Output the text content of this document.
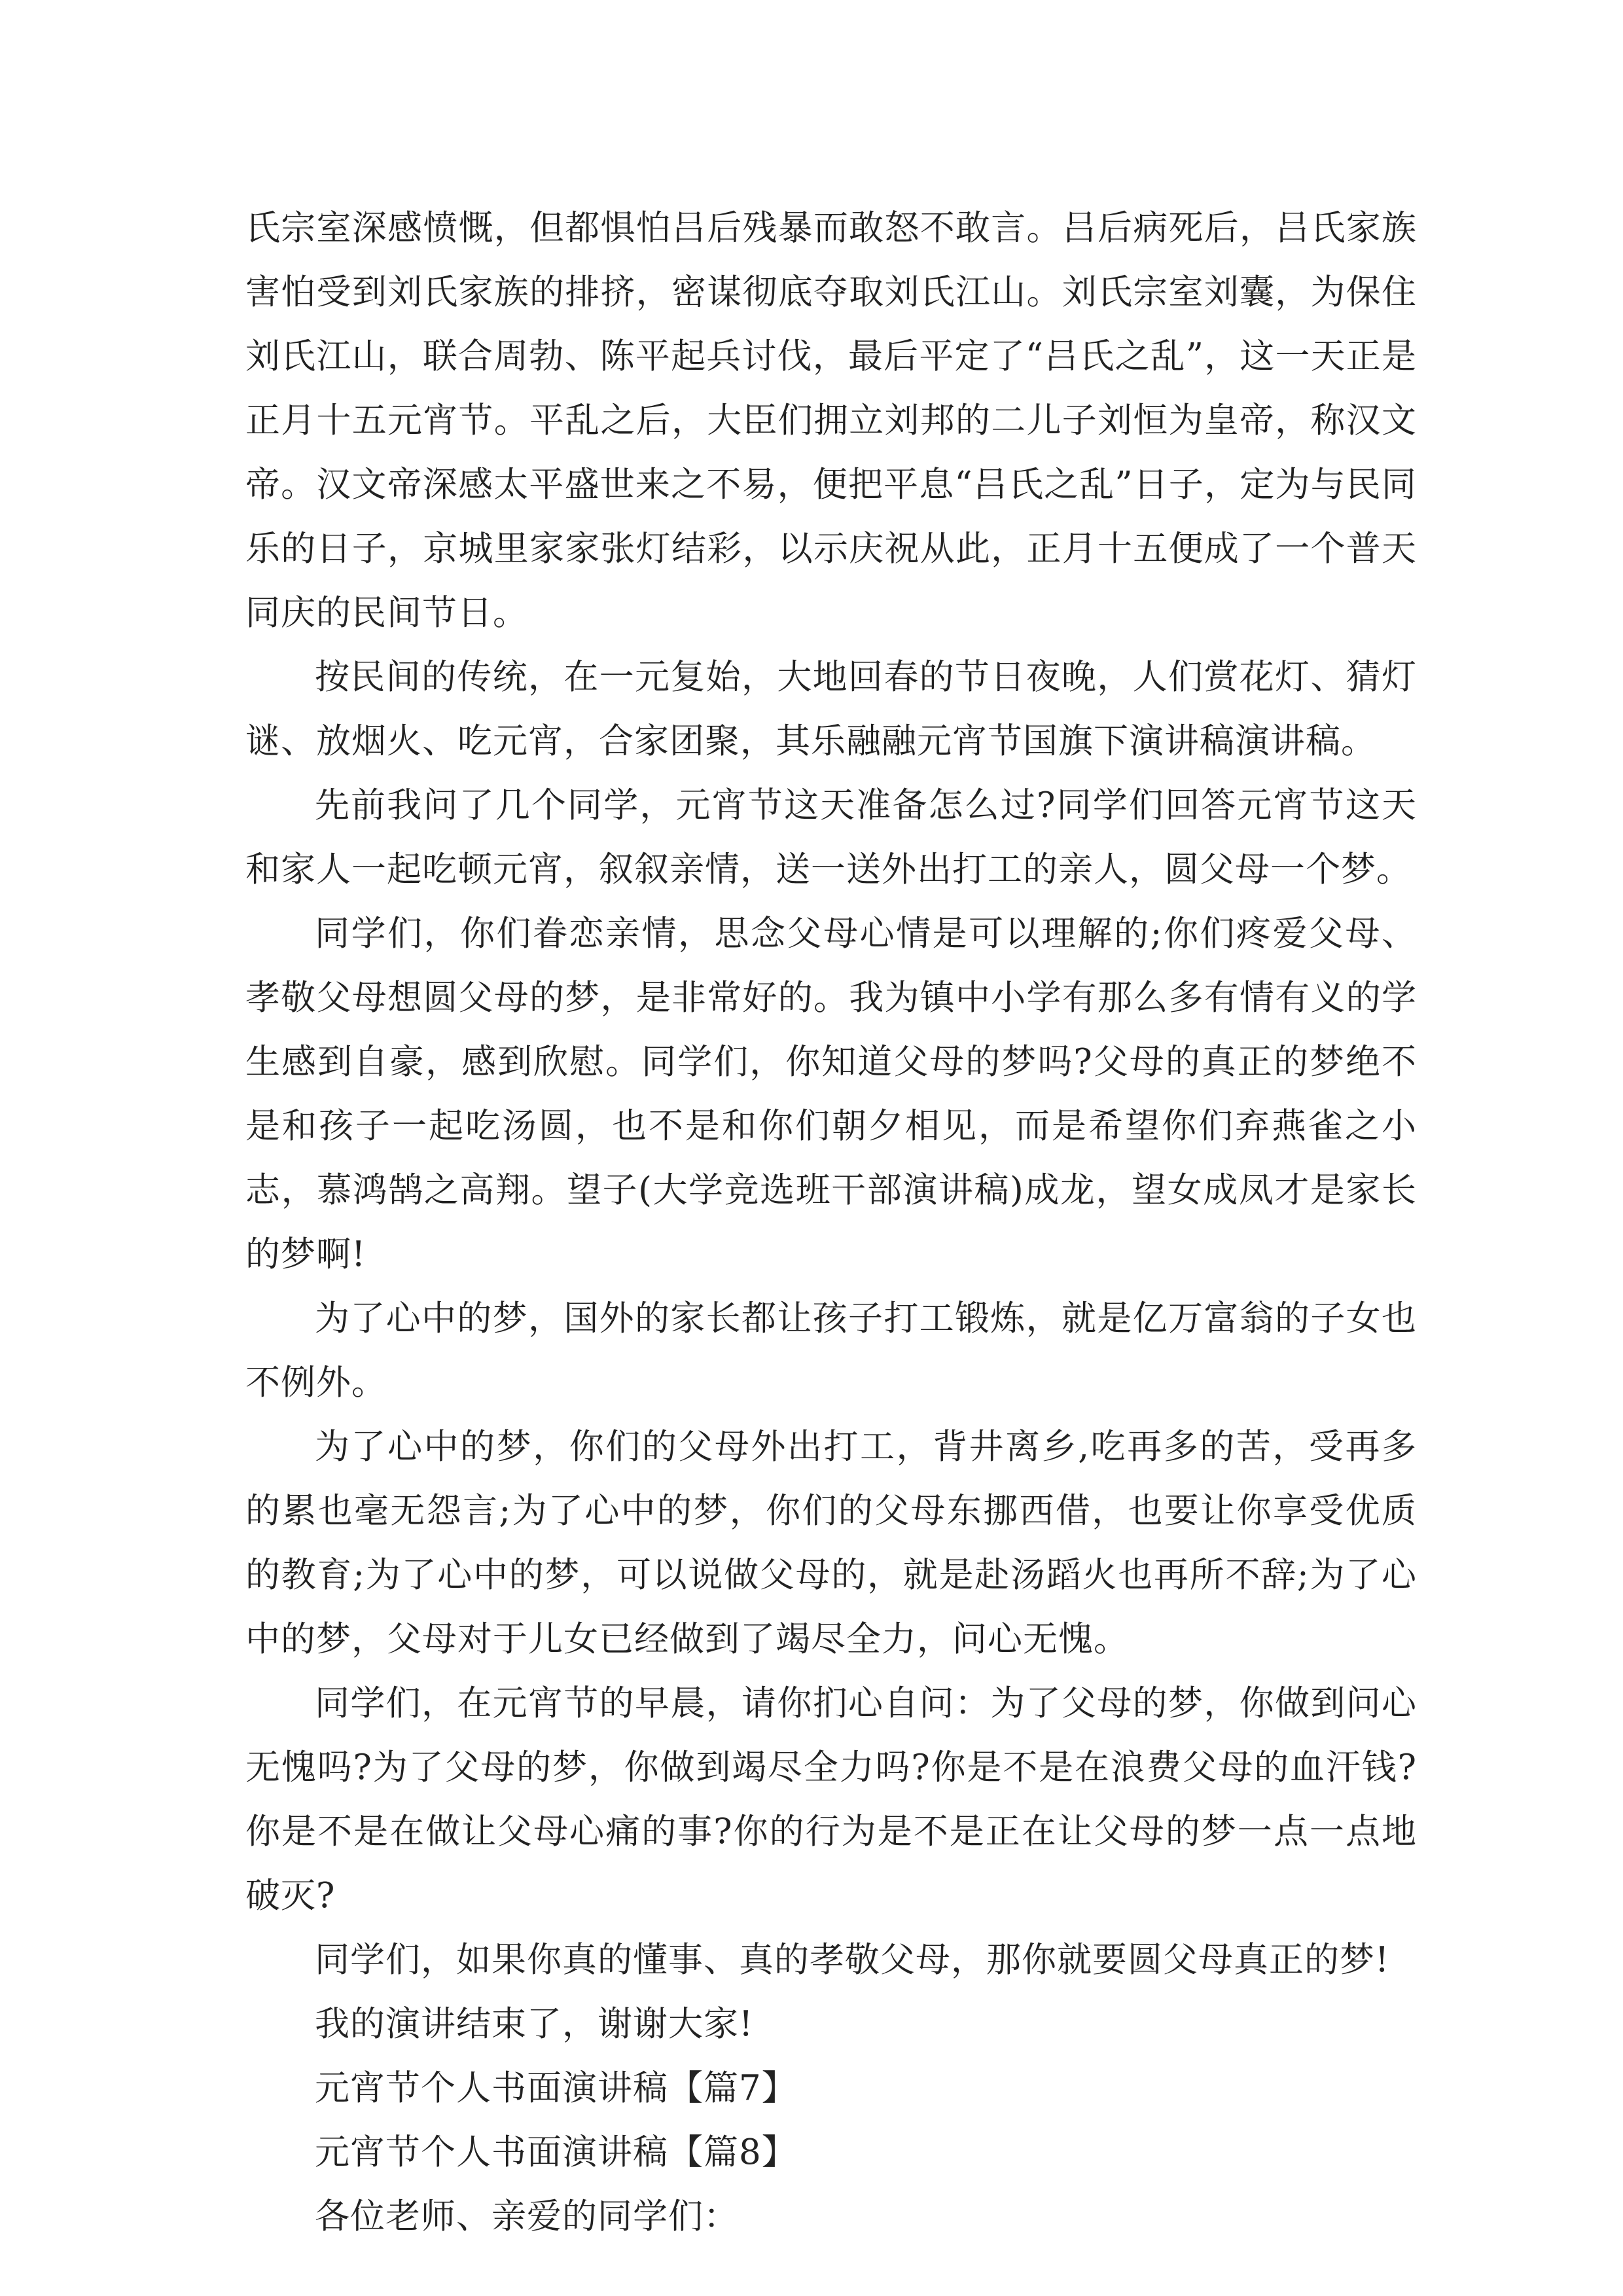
氏宗室深感愤慨，但都惧怕吕后残暴而敢怒不敢言。吕后病死后，吕氏家族害怕受到刘氏家族的排挤，密谋彻底夺取刘氏江山。刘氏宗室刘囊，为保住刘氏江山，联合周勃、陈平起兵讨伐，最后平定了“吕氏之乱”，这一天正是正月十五元宵节。平乱之后，大臣们拥立刘邦的二儿子刘恒为皇帝，称汉文帝。汉文帝深感太平盛世来之不易，便把平息“吕氏之乱”日子，定为与民同乐的日子，京城里家家张灯结彩，以示庆祝从此，正月十五便成了一个普天同庆的民间节日。

按民间的传统，在一元复始，大地回春的节日夜晚，人们赏花灯、猜灯谜、放烟火、吃元宵，合家团聚，其乐融融元宵节国旗下演讲稿演讲稿。

先前我问了几个同学，元宵节这天准备怎么过?同学们回答元宵节这天和家人一起吃顿元宵，叙叙亲情，送一送外出打工的亲人，圆父母一个梦。

同学们，你们眷恋亲情，思念父母心情是可以理解的;你们疼爱父母、孝敬父母想圆父母的梦，是非常好的。我为镇中小学有那么多有情有义的学生感到自豪，感到欣慰。同学们，你知道父母的梦吗?父母的真正的梦绝不是和孩子一起吃汤圆，也不是和你们朝夕相见，而是希望你们弃燕雀之小志，慕鸿鹄之高翔。望子(大学竞选班干部演讲稿)成龙，望女成凤才是家长的梦啊!

为了心中的梦，国外的家长都让孩子打工锻炼，就是亿万富翁的子女也不例外。

为了心中的梦，你们的父母外出打工，背井离乡,吃再多的苦，受再多的累也毫无怨言;为了心中的梦，你们的父母东挪西借，也要让你享受优质的教育;为了心中的梦，可以说做父母的，就是赴汤蹈火也再所不辞;为了心中的梦，父母对于儿女已经做到了竭尽全力，问心无愧。

同学们，在元宵节的早晨，请你扪心自问：为了父母的梦，你做到问心无愧吗?为了父母的梦，你做到竭尽全力吗?你是不是在浪费父母的血汗钱?你是不是在做让父母心痛的事?你的行为是不是正在让父母的梦一点一点地破灭?

同学们，如果你真的懂事、真的孝敬父母，那你就要圆父母真正的梦!

我的演讲结束了，谢谢大家!

元宵节个人书面演讲稿【篇7】

元宵节个人书面演讲稿【篇8】

各位老师、亲爱的同学们：
